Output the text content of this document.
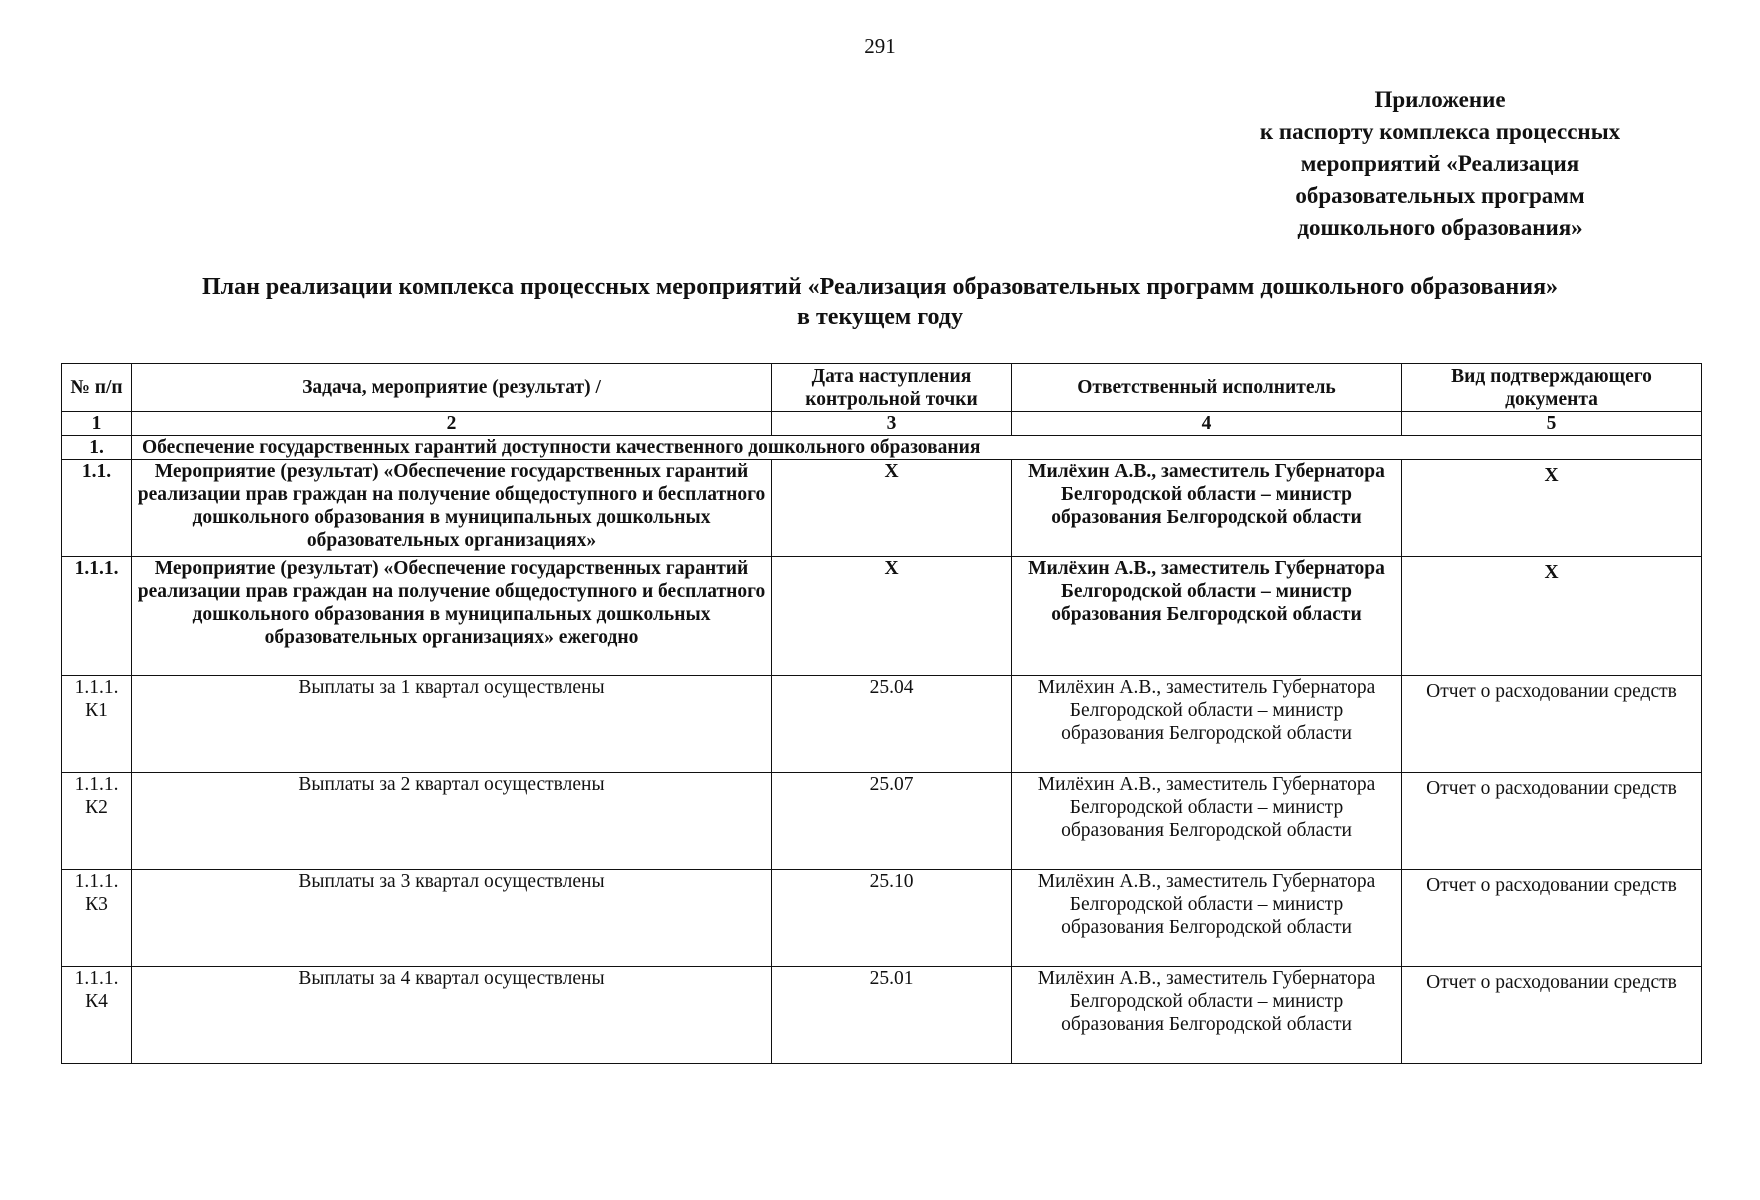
291
Приложение
к паспорту комплекса процессных
мероприятий «Реализация
образовательных программ
дошкольного образования»
План реализации комплекса процессных мероприятий «Реализация образовательных программ дошкольного образования»
в текущем году
№ п/п	Задача, мероприятие (результат) /	Дата наступления контрольной точки	Ответственный исполнитель	Вид подтверждающего документа
1	2	3	4	5
1.	Обеспечение государственных гарантий доступности качественного дошкольного образования			
1.1.	Мероприятие (результат) «Обеспечение государственных гарантий реализации прав граждан на получение общедоступного и бесплатного дошкольного образования в муниципальных дошкольных образовательных организациях»	Х	Милёхин А.В., заместитель Губернатора Белгородской области – министр образования Белгородской области	Х
1.1.1.	Мероприятие (результат) «Обеспечение государственных гарантий реализации прав граждан на получение общедоступного и бесплатного дошкольного образования в муниципальных дошкольных образовательных организациях» ежегодно	Х	Милёхин А.В., заместитель Губернатора Белгородской области – министр образования Белгородской области	Х
1.1.1. К1	Выплаты за 1 квартал осуществлены	25.04	Милёхин А.В., заместитель Губернатора Белгородской области – министр образования Белгородской области	Отчет о расходовании средств
1.1.1. К2	Выплаты за 2 квартал осуществлены	25.07	Милёхин А.В., заместитель Губернатора Белгородской области – министр образования Белгородской области	Отчет о расходовании средств
1.1.1. К3	Выплаты за 3 квартал осуществлены	25.10	Милёхин А.В., заместитель Губернатора Белгородской области – министр образования Белгородской области	Отчет о расходовании средств
1.1.1. К4	Выплаты за 4 квартал осуществлены	25.01	Милёхин А.В., заместитель Губернатора Белгородской области – министр образования Белгородской области	Отчет о расходовании средств
